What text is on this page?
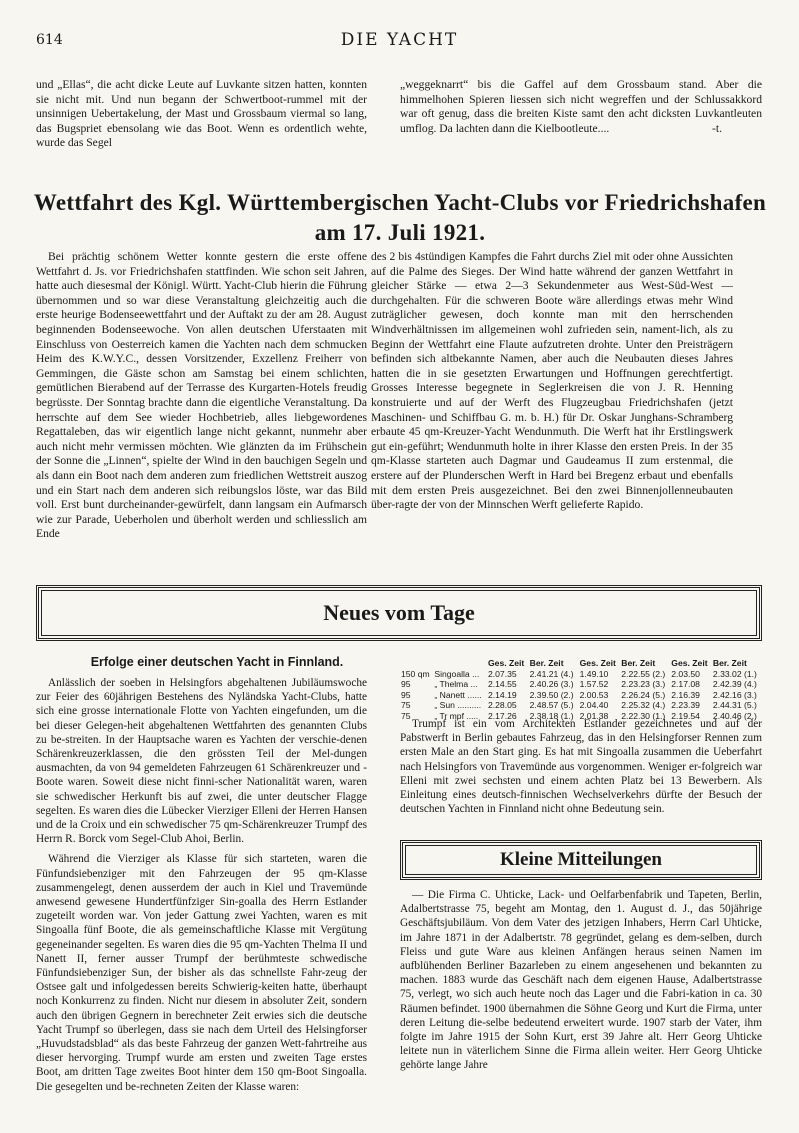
614	DIE YACHT

und „Ellas“, die acht dicke Leute auf Luvkante sitzen hatten, konnten sie nicht mit. Und nun begann der Schwertboot-rummel mit der unsinnigen Uebertakelung, der Mast und Grossbaum viermal so lang, das Bugspriet ebensolang wie das Boot. Wenn es ordentlich wehte, wurde das Segel

„weggeknarrt“ bis die Gaffel auf dem Grossbaum stand. Aber die himmelhohen Spieren liessen sich nicht wegreffen und der Schlussakkord war oft genug, dass die breiten Kiste samt den acht dicksten Luvkantleuten umflog. Da lachten dann die Kielbootleute....	-t.

Wettfahrt des Kgl. Württembergischen Yacht-Clubs vor Friedrichshafen
am 17. Juli 1921.

Bei prächtig schönem Wetter konnte gestern die erste offene Wettfahrt d. Js. vor Friedrichshafen stattfinden. Wie schon seit Jahren, hatte auch diesesmal der Königl. Württ. Yacht-Club hierin die Führung übernommen und so war diese Veranstaltung gleichzeitig auch die erste heurige Bodenseewettfahrt und der Auftakt zu der am 28. August beginnenden Bodenseewoche. Von allen deutschen Uferstaaten mit Einschluss von Oesterreich kamen die Yachten nach dem schmucken Heim des K.W.Y.C., dessen Vorsitzender, Exzellenz Freiherr von Gemmingen, die Gäste schon am Samstag bei einem schlichten, gemütlichen Bierabend auf der Terrasse des Kurgarten-Hotels freudig begrüsste. Der Sonntag brachte dann die eigentliche Veranstaltung. Da herrschte auf dem See wieder Hochbetrieb, alles liebgewordenes Regattaleben, das wir eigentlich lange nicht gekannt, nunmehr aber auch nicht mehr vermissen möchten. Wie glänzten da im Frühschein der Sonne die „Linnen“, spielte der Wind in den bauchigen Segeln und als dann ein Boot nach dem anderen zum friedlichen Wettstreit auszog und ein Start nach dem anderen sich reibungslos löste, war das Bild voll. Erst bunt durcheinander-gewürfelt, dann langsam ein Aufmarsch wie zur Parade, Ueberholen und überholt werden und schliesslich am Ende

des 2 bis 4stündigen Kampfes die Fahrt durchs Ziel mit oder ohne Aussichten auf die Palme des Sieges. Der Wind hatte während der ganzen Wettfahrt in gleicher Stärke — etwa 2—3 Sekundenmeter aus West-Süd-West — durchgehalten. Für die schweren Boote wäre allerdings etwas mehr Wind zuträglicher gewesen, doch konnte man mit den herrschenden Windverhältnissen im allgemeinen wohl zufrieden sein, nament-lich, als zu Beginn der Wettfahrt eine Flaute aufzutreten drohte. Unter den Preisträgern befinden sich altbekannte Namen, aber auch die Neubauten dieses Jahres hatten die in sie gesetzten Erwartungen und Hoffnungen gerechtfertigt. Grosses Interesse begegnete in Seglerkreisen die von J. R. Henning konstruierte und auf der Werft des Flugzeugbau Friedrichshafen (jetzt Maschinen- und Schiffbau G. m. b. H.) für Dr. Oskar Junghans-Schramberg erbaute 45 qm-Kreuzer-Yacht Wendunmuth. Die Werft hat ihr Erstlingswerk gut ein-geführt; Wendunmuth holte in ihrer Klasse den ersten Preis. In der 35 qm-Klasse starteten auch Dagmar und Gaudeamus II zum erstenmal, die erstere auf der Plunderschen Werft in Hard bei Bregenz erbaut und ebenfalls mit dem ersten Preis ausgezeichnet. Bei den zwei Binnenjollenneubauten über-ragte der von der Minnschen Werft gelieferte Rapido.

Neues vom Tage
Erfolge einer deutschen Yacht in Finnland.

Anlässlich der soeben in Helsingfors abgehaltenen Jubiläumswoche zur Feier des 60jährigen Bestehens des Nyländska Yacht-Clubs, hatte sich eine grosse internationale Flotte von Yachten eingefunden, um die bei dieser Gelegen-heit abgehaltenen Wettfahrten des genannten Clubs zu be-streiten. In der Hauptsache waren es Yachten der verschie-denen Schärenkreuzerklassen, die den grössten Teil der Mel-dungen ausmachten, da von 94 gemeldeten Fahrzeugen 61 Schärenkreuzer und -Boote waren. Soweit diese nicht finni-scher Nationalität waren, waren sie schwedischer Herkunft bis auf zwei, die unter deutscher Flagge segelten. Es waren dies die Lübecker Vierziger Elleni der Herren Hansen und de la Croix und ein schwedischer 75 qm-Schärenkreuzer Trumpf des Herrn R. Borck vom Segel-Club Ahoi, Berlin.

Während die Vierziger als Klasse für sich starteten, waren die Fünfundsiebenziger mit den Fahrzeugen der 95 qm-Klasse zusammengelegt, denen ausserdem der auch in Kiel und Travemünde anwesend gewesene Hundertfünfziger Sin-goalla des Herrn Estlander zugeteilt worden war. Von jeder Gattung zwei Yachten, waren es mit Singoalla fünf Boote, die als gemeinschaftliche Klasse mit Vergütung gegeneinander segelten. Es waren dies die 95 qm-Yachten Thelma II und Nanett II, ferner ausser Trumpf der berühmteste schwedische Fünfundsiebenziger Sun, der bisher als das schnellste Fahr-zeug der Ostsee galt und infolgedessen bereits Schwierig-keiten hatte, überhaupt noch Konkurrenz zu finden. Nicht nur diesem in absoluter Zeit, sondern auch den übrigen Gegnern in berechneter Zeit erwies sich die deutsche Yacht Trumpf so überlegen, dass sie nach dem Urteil des Helsingforser „Huvudstadsblad“ als das beste Fahrzeug der ganzen Wett-fahrtreihe aus dieser hervorging. Trumpf wurde am ersten und zweiten Tage erstes Boot, am dritten Tage zweites Boot hinter dem 150 qm-Boot Singoalla. Die gesegelten und be-rechneten Zeiten der Klasse waren:

		Ges. Zeit	Ber. Zeit	Ges. Zeit	Ber. Zeit	Ges. Zeit	Ber. Zeit
150 qm	Singoalla ...	2.07.35	2.41.21 (4.)	1.49.10	2.22.55 (2.)	2.03.50	2.33.02 (1.)
95	„ Thelma ...	2.14.55	2.40.26 (3.)	1.57.52	2.23.23 (3.)	2.17.08	2.42.39 (4.)
95	„ Nanett ......	2.14.19	2.39.50 (2.)	2.00.53	2.26.24 (5.)	2.16.39	2.42.16 (3.)
75	„ Sun ..........	2.28.05	2.48.57 (5.)	2.04.40	2.25.32 (4.)	2.23.39	2.44.31 (5.)
75	„ Tr mpf .....	2.17.26	2.38.18 (1.)	2.01.38	2.22.30 (1.)	2.19.54	2.40.46 (2.)

Trumpf ist ein vom Architekten Estlander gezeichnetes und auf der Pabstwerft in Berlin gebautes Fahrzeug, das in den Helsingforser Rennen zum ersten Male an den Start ging. Es hat mit Singoalla zusammen die Ueberfahrt nach Helsingfors von Travemünde aus vorgenommen. Weniger er-folgreich war Elleni mit zwei sechsten und einem achten Platz bei 13 Bewerbern. Als Einleitung eines deutsch-finnischen Wechselverkehrs dürfte der Besuch der deutschen Yachten in Finnland nicht ohne Bedeutung sein.

Kleine Mitteilungen

— Die Firma C. Uhticke, Lack- und Oelfarbenfabrik und Tapeten, Berlin, Adalbertstrasse 75, begeht am Montag, den 1. August d. J., das 50jährige Geschäftsjubiläum. Von dem Vater des jetzigen Inhabers, Herrn Carl Uhticke, im Jahre 1871 in der Adalbertstr. 78 gegründet, gelang es dem-selben, durch Fleiss und gute Ware aus kleinen Anfängen heraus seinen Namen im aufblühenden Berliner Bazarleben zu einem angesehenen und bekannten zu machen. 1883 wurde das Geschäft nach dem eigenen Hause, Adalbertstrasse 75, verlegt, wo sich auch heute noch das Lager und die Fabri-kation in ca. 30 Räumen befindet. 1900 übernahmen die Söhne Georg und Kurt die Firma, unter deren Leitung die-selbe bedeutend erweitert wurde. 1907 starb der Vater, ihm folgte im Jahre 1915 der Sohn Kurt, erst 39 Jahre alt. Herr Georg Uhticke leitete nun in väterlichem Sinne die Firma allein weiter. Herr Georg Uhticke gehörte lange Jahre
